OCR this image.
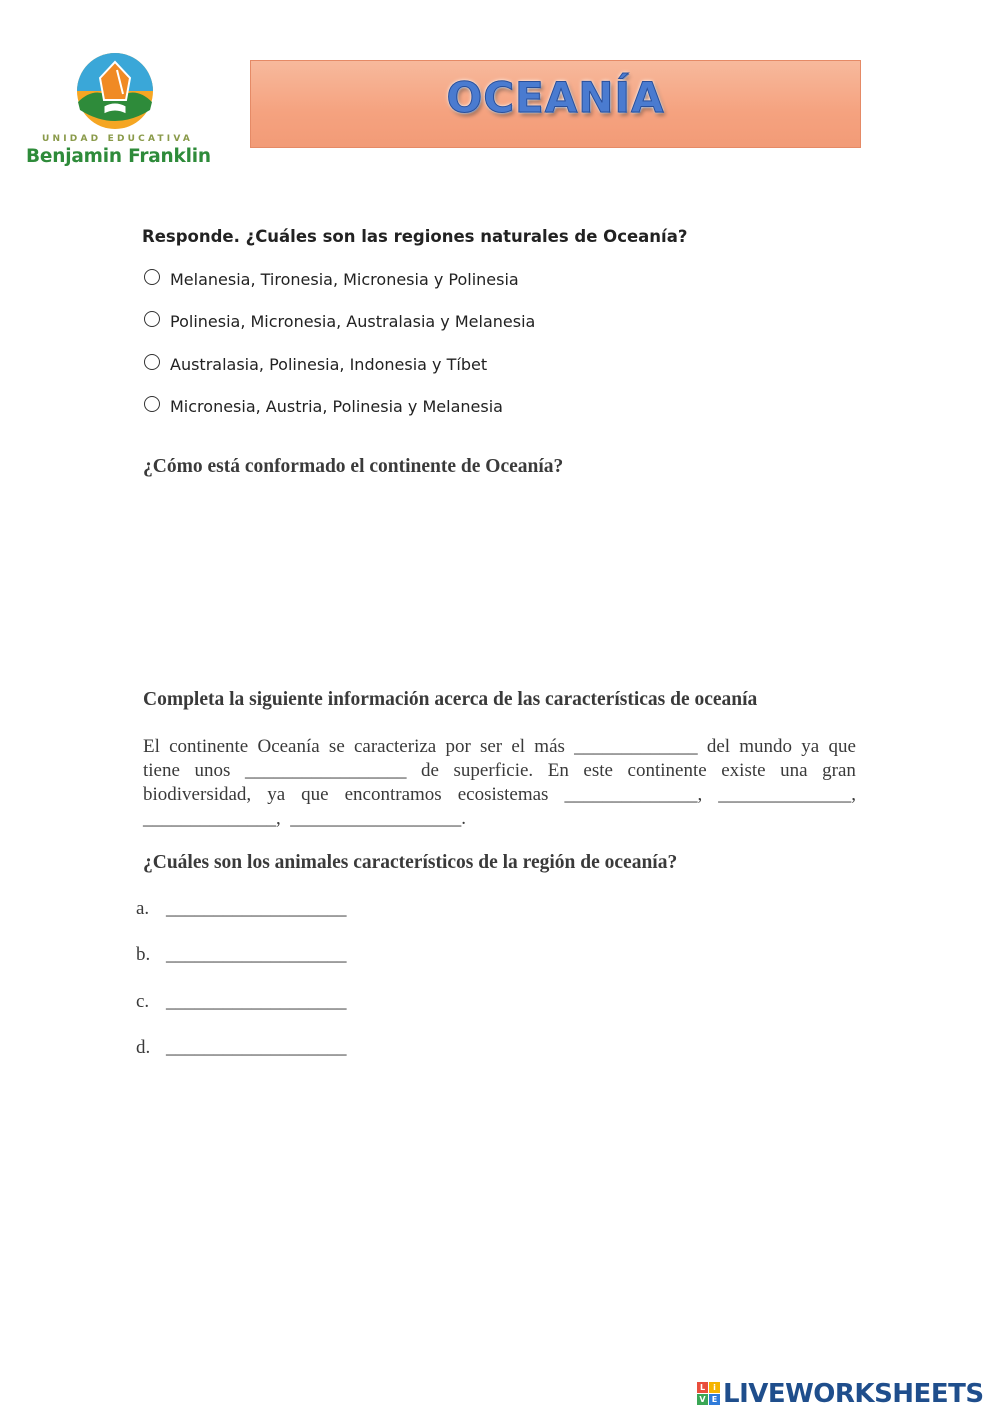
UNIDAD EDUCATIVA
Benjamin Franklin
OCEANÍA
Responde. ¿Cuáles son las regiones naturales de Oceanía?
Melanesia, Tironesia, Micronesia y Polinesia
Polinesia, Micronesia, Australasia y Melanesia
Australasia, Polinesia, Indonesia y Tíbet
Micronesia, Austria, Polinesia y Melanesia
¿Cómo está conformado el continente de Oceanía?
Completa la siguiente información acerca de las características de oceanía
El continente Oceanía se caracteriza por ser el más _____________ del mundo ya que
tiene unos _________________ de superficie. En este continente existe una gran
biodiversidad, ya que encontramos ecosistemas ______________, ______________,
______________,  __________________.
¿Cuáles son los animales característicos de la región de oceanía?
a. ___________________
b. ___________________
c. ___________________
d. ___________________
L	i
V E LIVEWORKSHEETS
